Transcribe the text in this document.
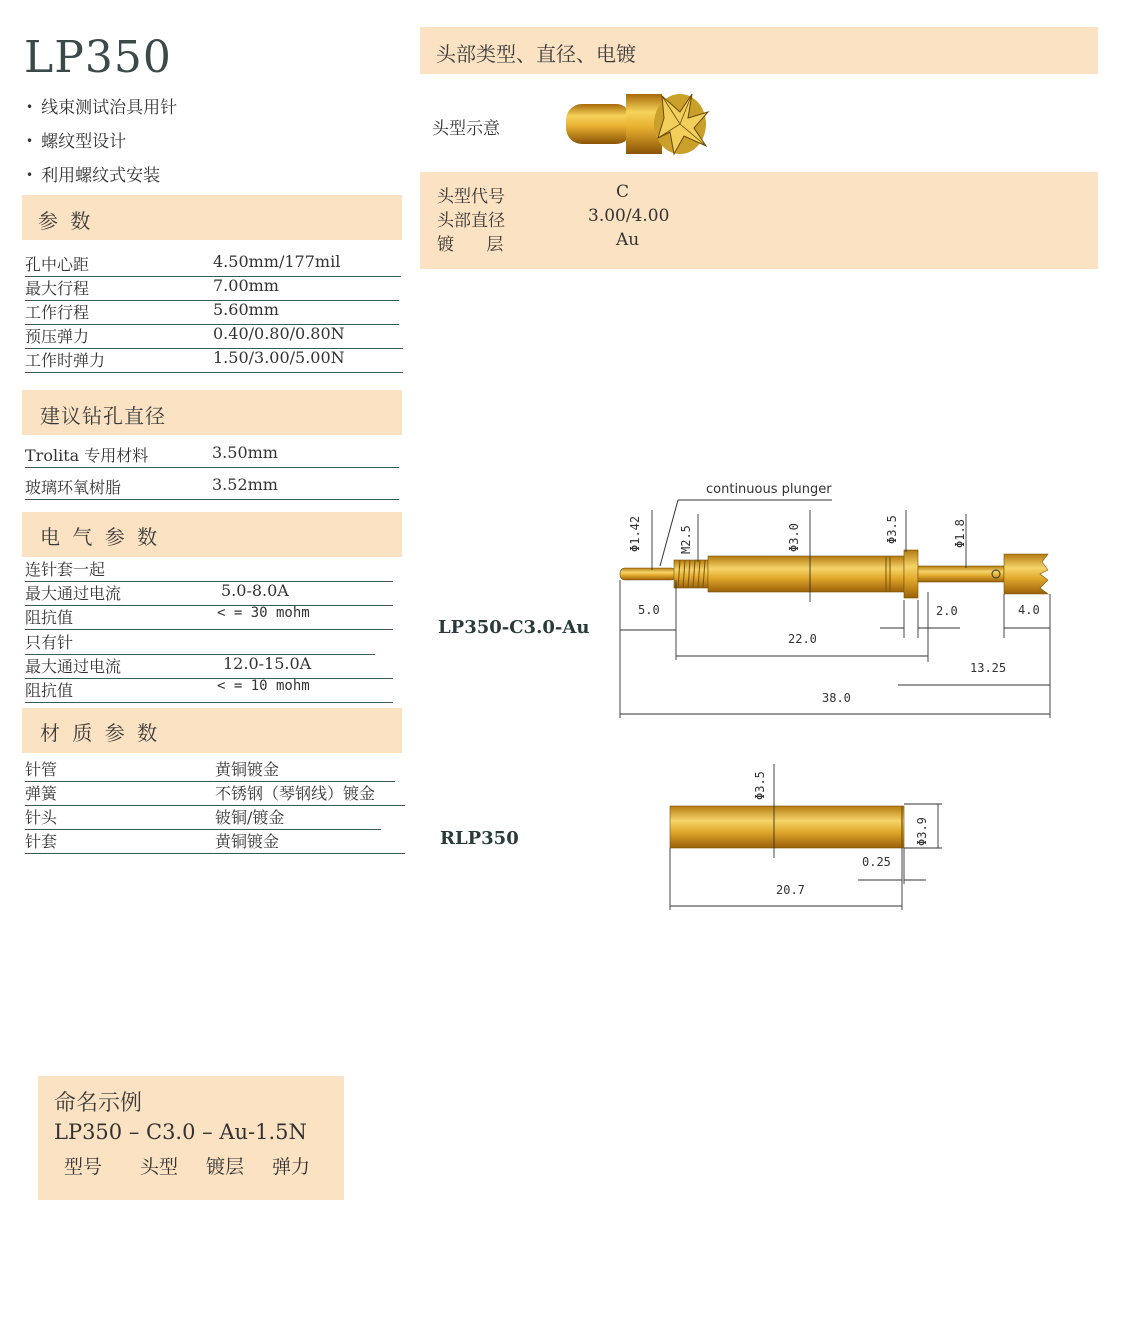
LP350
• 线束测试治具用针
• 螺纹型设计
• 利用螺纹式安装
参 数
孔中心距	4.50mm/177mil
最大行程	7.00mm
工作行程	5.60mm
预压弹力	0.40/0.80/0.80N
工作时弹力	1.50/3.00/5.00N
建议钻孔直径
Trolita 专用材料	3.50mm
玻璃环氧树脂	3.52mm
电 气 参 数
连针套一起
最大通过电流	5.0-8.0A
阻抗值	< = 30 mohm
只有针
最大通过电流	12.0-15.0A
阻抗值	< = 10 mohm
材 质 参 数
针管	黄铜镀金
弹簧	不锈钢（琴钢线）镀金
针头	铍铜/镀金
针套	黄铜镀金
命名示例
LP350 – C3.0 – Au-1.5N
型号 头型 镀层 弹力
头部类型、直径、电镀
头型示意
头型代号	C
头部直径	3.00/4.00
镀      层	Au
LP350-C3.0-Au
continuous plunger
Φ1.42	M2.5	Φ3.0	Φ3.5	Φ1.8
5.0	2.0	4.0
22.0
13.25
38.0
RLP350
Φ3.5
Φ3.9
0.25
20.7
